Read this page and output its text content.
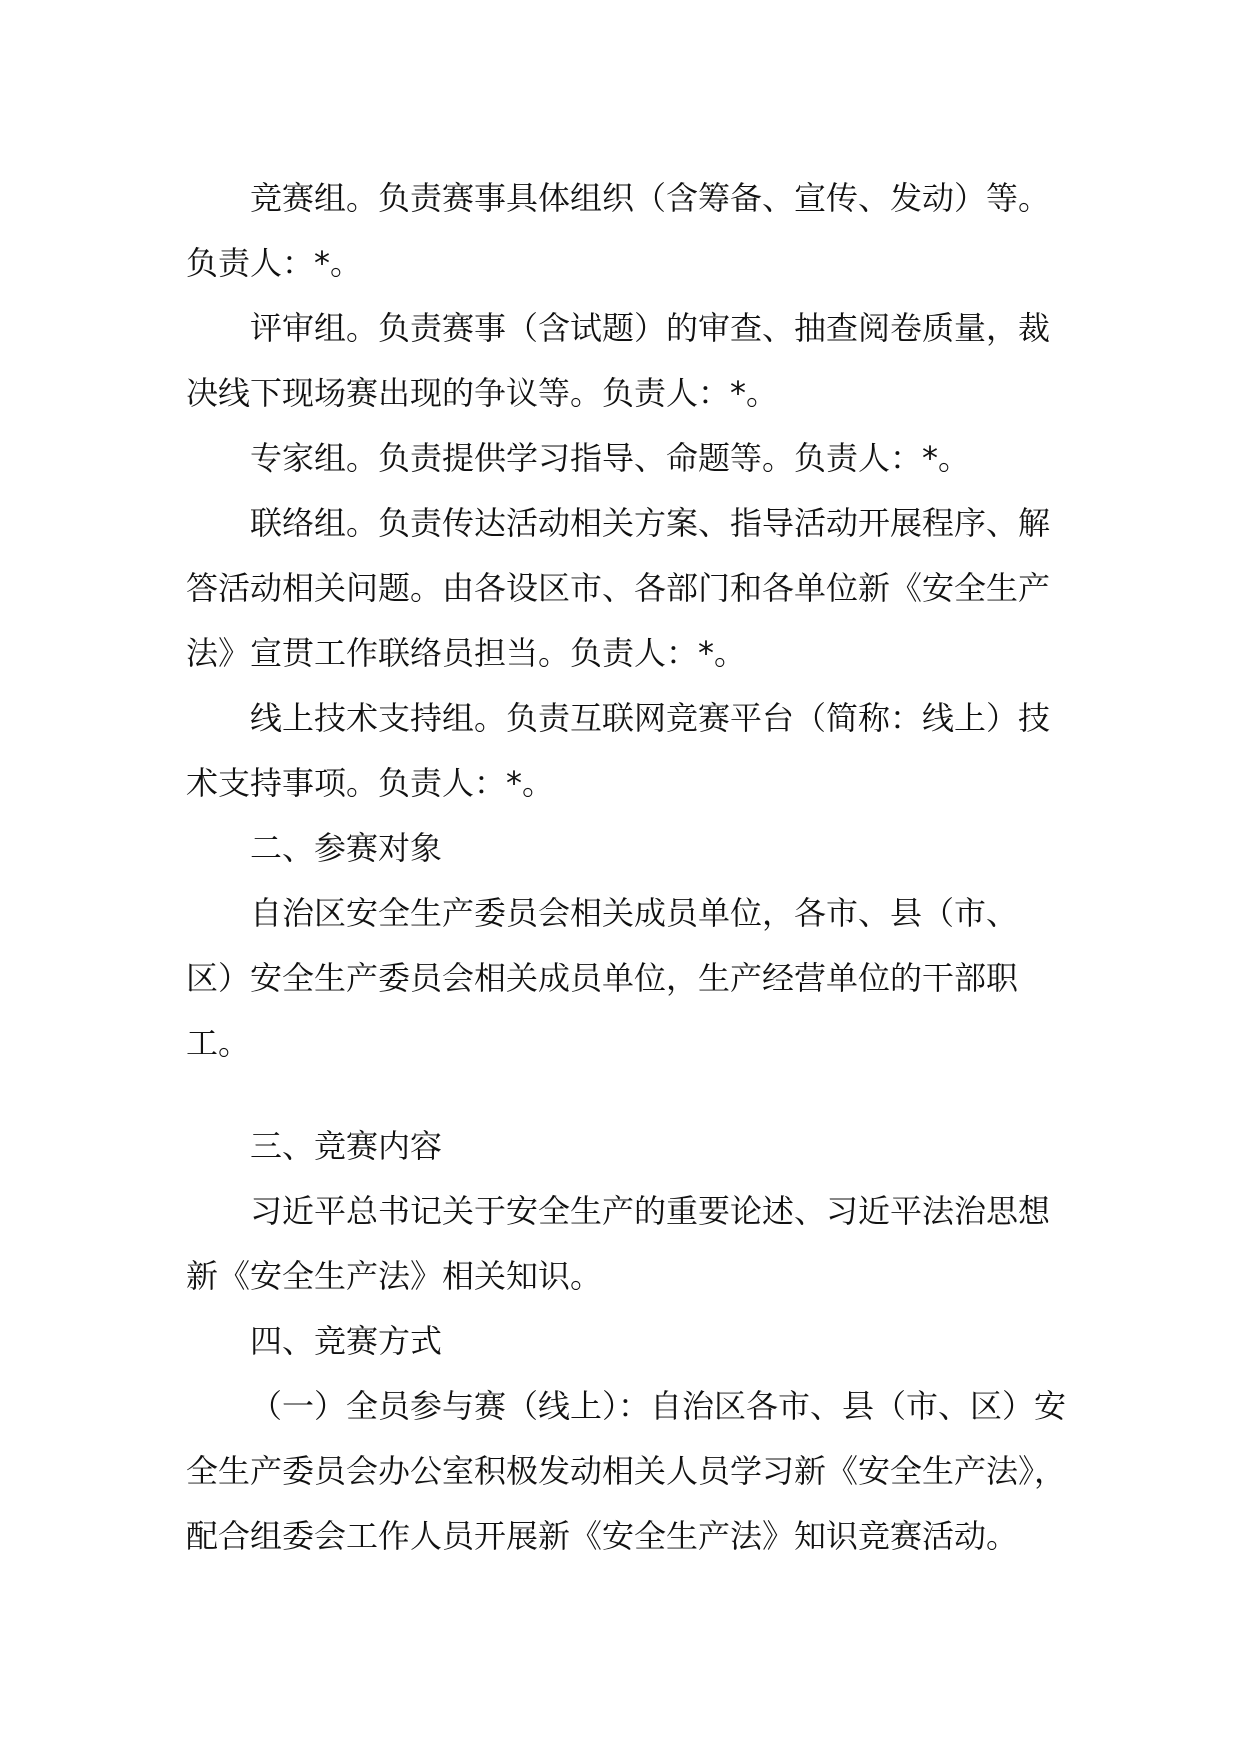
竞赛组。负责赛事具体组织（含筹备、宣传、发动）等。负责人：*。

评审组。负责赛事（含试题）的审查、抽查阅卷质量，裁决线下现场赛出现的争议等。负责人：*。

专家组。负责提供学习指导、命题等。负责人：*。

联络组。负责传达活动相关方案、指导活动开展程序、解答活动相关问题。由各设区市、各部门和各单位新《安全生产法》宣贯工作联络员担当。负责人：*。

线上技术支持组。负责互联网竞赛平台（简称：线上）技术支持事项。负责人：*。

二、参赛对象

自治区安全生产委员会相关成员单位，各市、县（市、区）安全生产委员会相关成员单位，生产经营单位的干部职工。

三、竞赛内容

习近平总书记关于安全生产的重要论述、习近平法治思想新《安全生产法》相关知识。

四、竞赛方式

（一）全员参与赛（线上）：自治区各市、县（市、区）安全生产委员会办公室积极发动相关人员学习新《安全生产法》，配合组委会工作人员开展新《安全生产法》知识竞赛活动。
